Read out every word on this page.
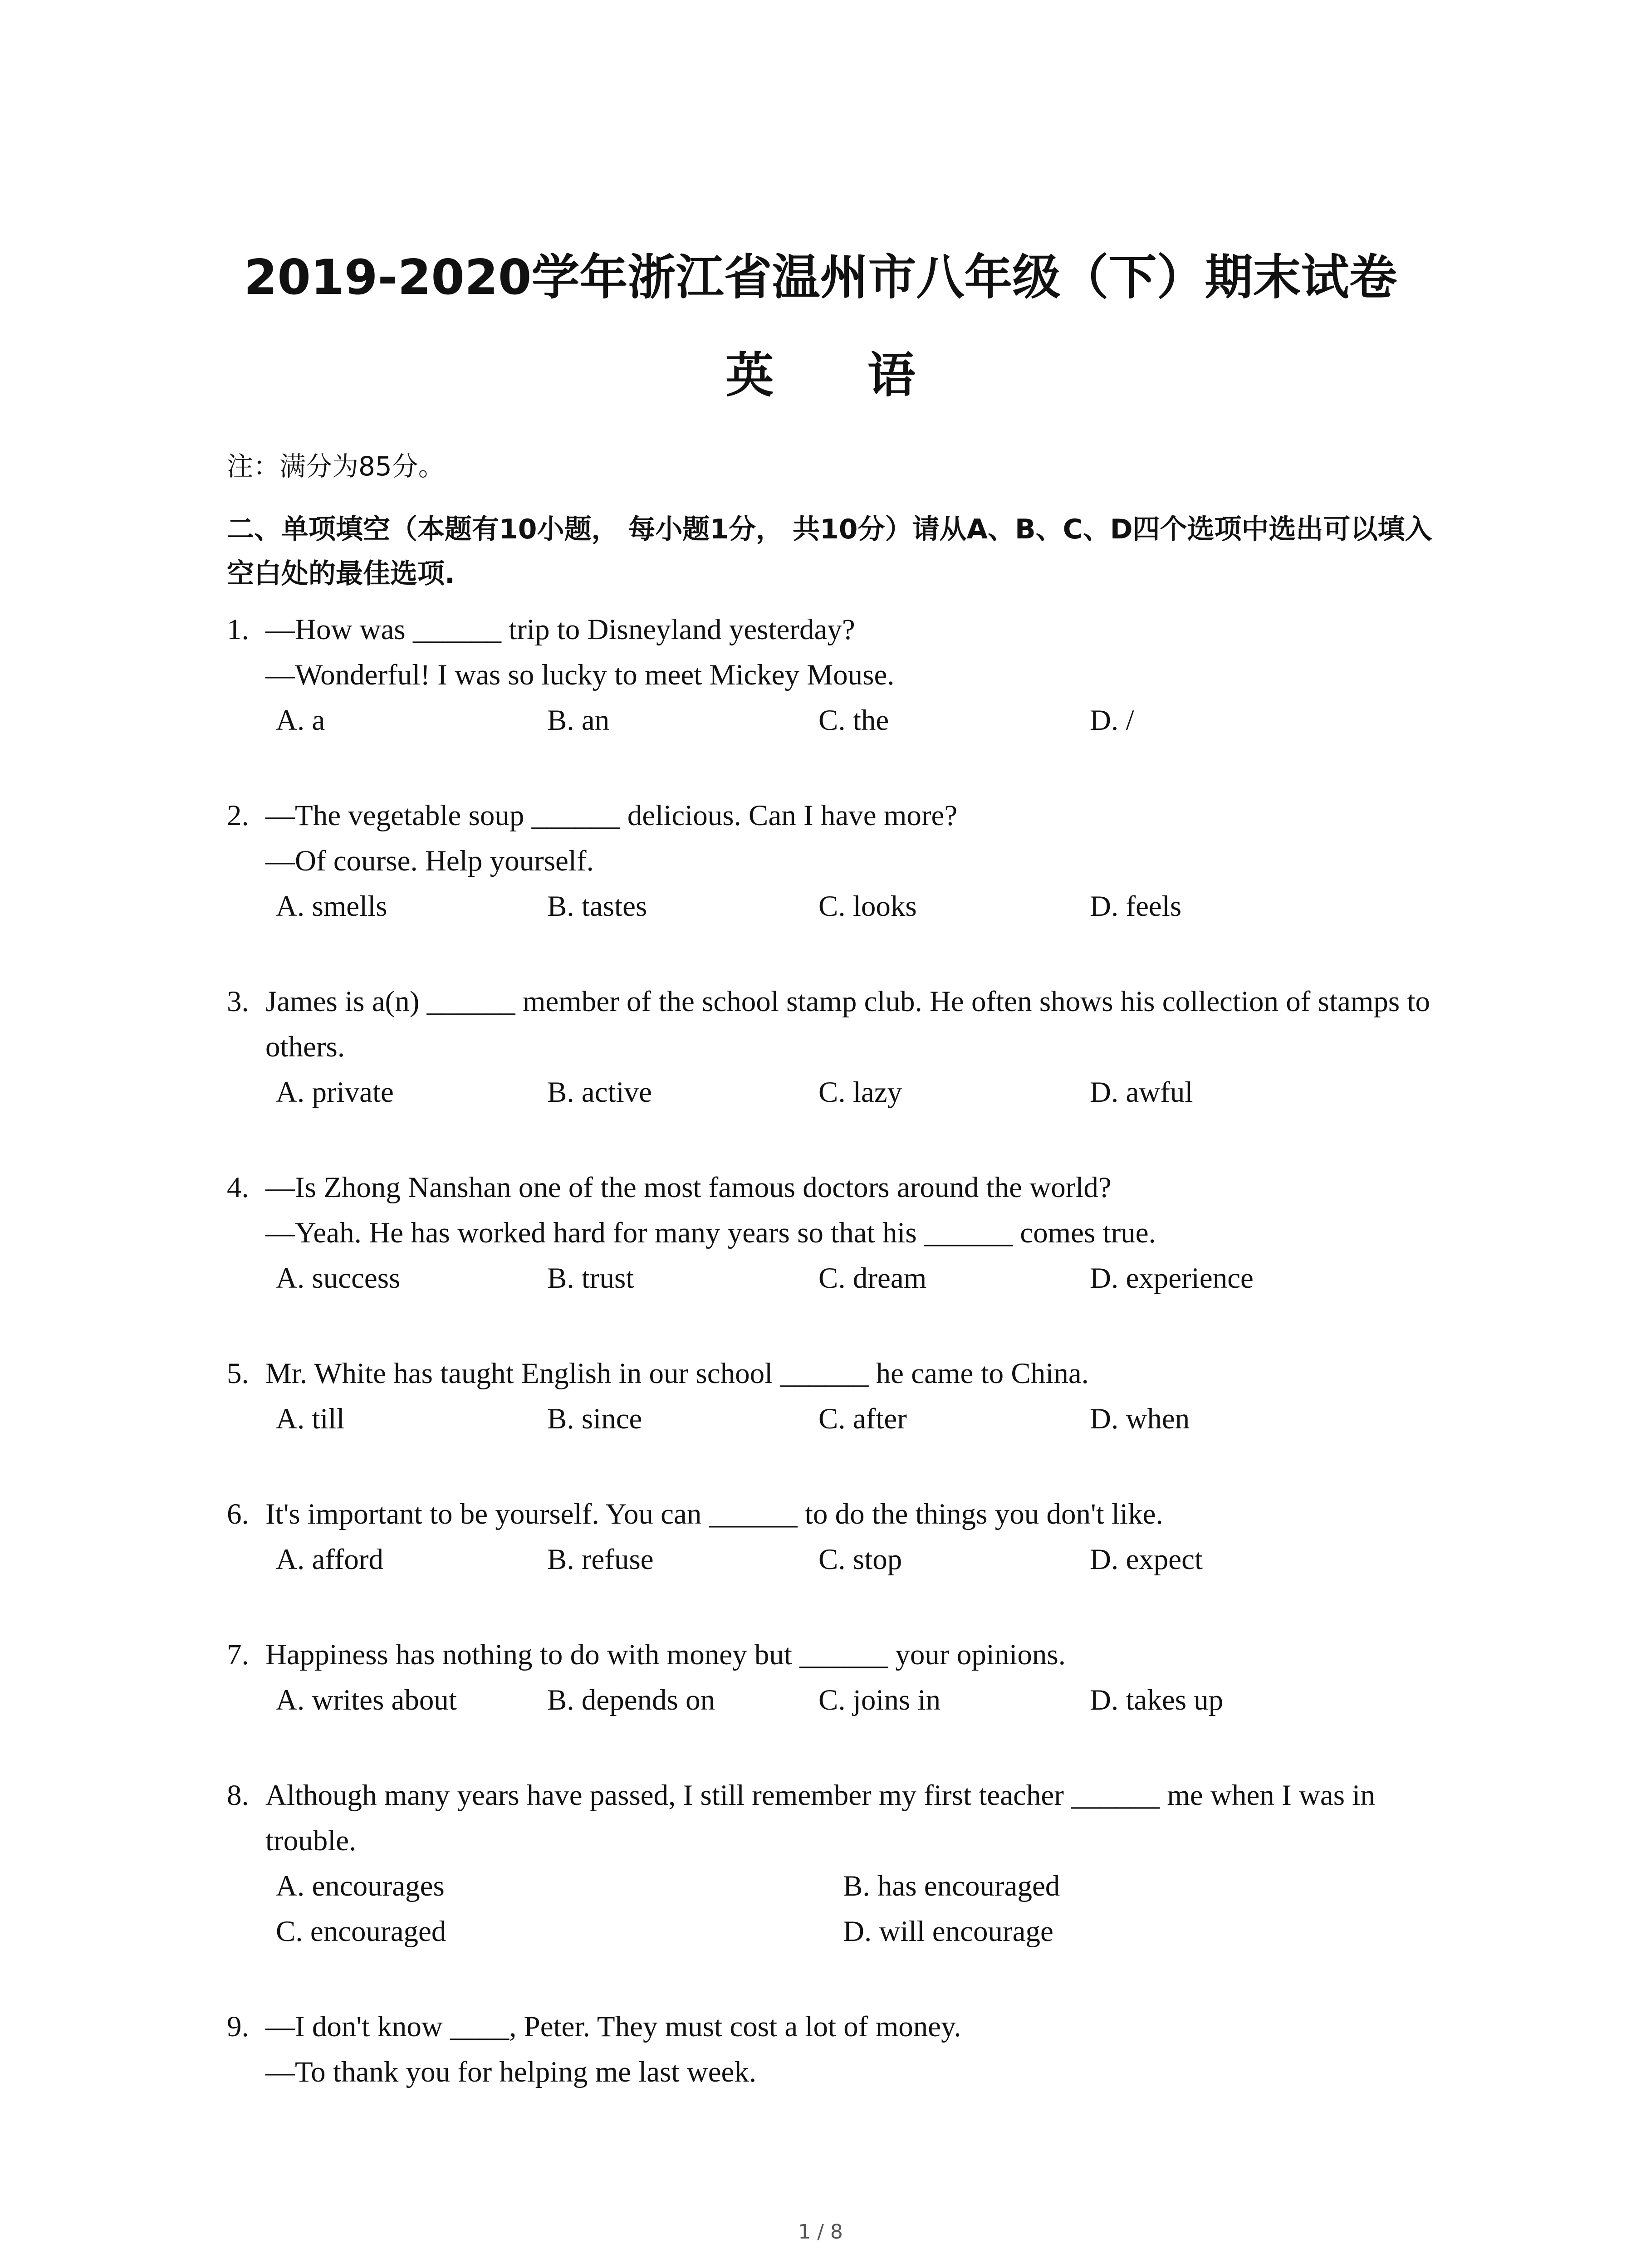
2019-2020学年浙江省温州市八年级（下）期末试卷
英 语
注：满分为85分。
二、单项填空（本题有10小题， 每小题1分， 共10分）请从A、B、C、D四个选项中选出可以填入空白处的最佳选项.
1. —How was ______ trip to Disneyland yesterday?
—Wonderful! I was so lucky to meet Mickey Mouse.
A. a	B. an	C. the	D. /
2. —The vegetable soup ______ delicious. Can I have more?
—Of course. Help yourself.
A. smells	B. tastes	C. looks	D. feels
3. James is a(n) ______ member of the school stamp club. He often shows his collection of stamps to others.
A. private	B. active	C. lazy	D. awful
4. —Is Zhong Nanshan one of the most famous doctors around the world?
—Yeah. He has worked hard for many years so that his ______ comes true.
A. success	B. trust	C. dream	D. experience
5. Mr. White has taught English in our school ______ he came to China.
A. till	B. since	C. after	D. when
6. It's important to be yourself. You can ______ to do the things you don't like.
A. afford	B. refuse	C. stop	D. expect
7. Happiness has nothing to do with money but ______ your opinions.
A. writes about	B. depends on	C. joins in	D. takes up
8. Although many years have passed, I still remember my first teacher ______ me when I was in trouble.
A. encourages	B. has encouraged
C. encouraged	D. will encourage
9. —I don't know ____, Peter. They must cost a lot of money.
—To thank you for helping me last week.
1 / 8
